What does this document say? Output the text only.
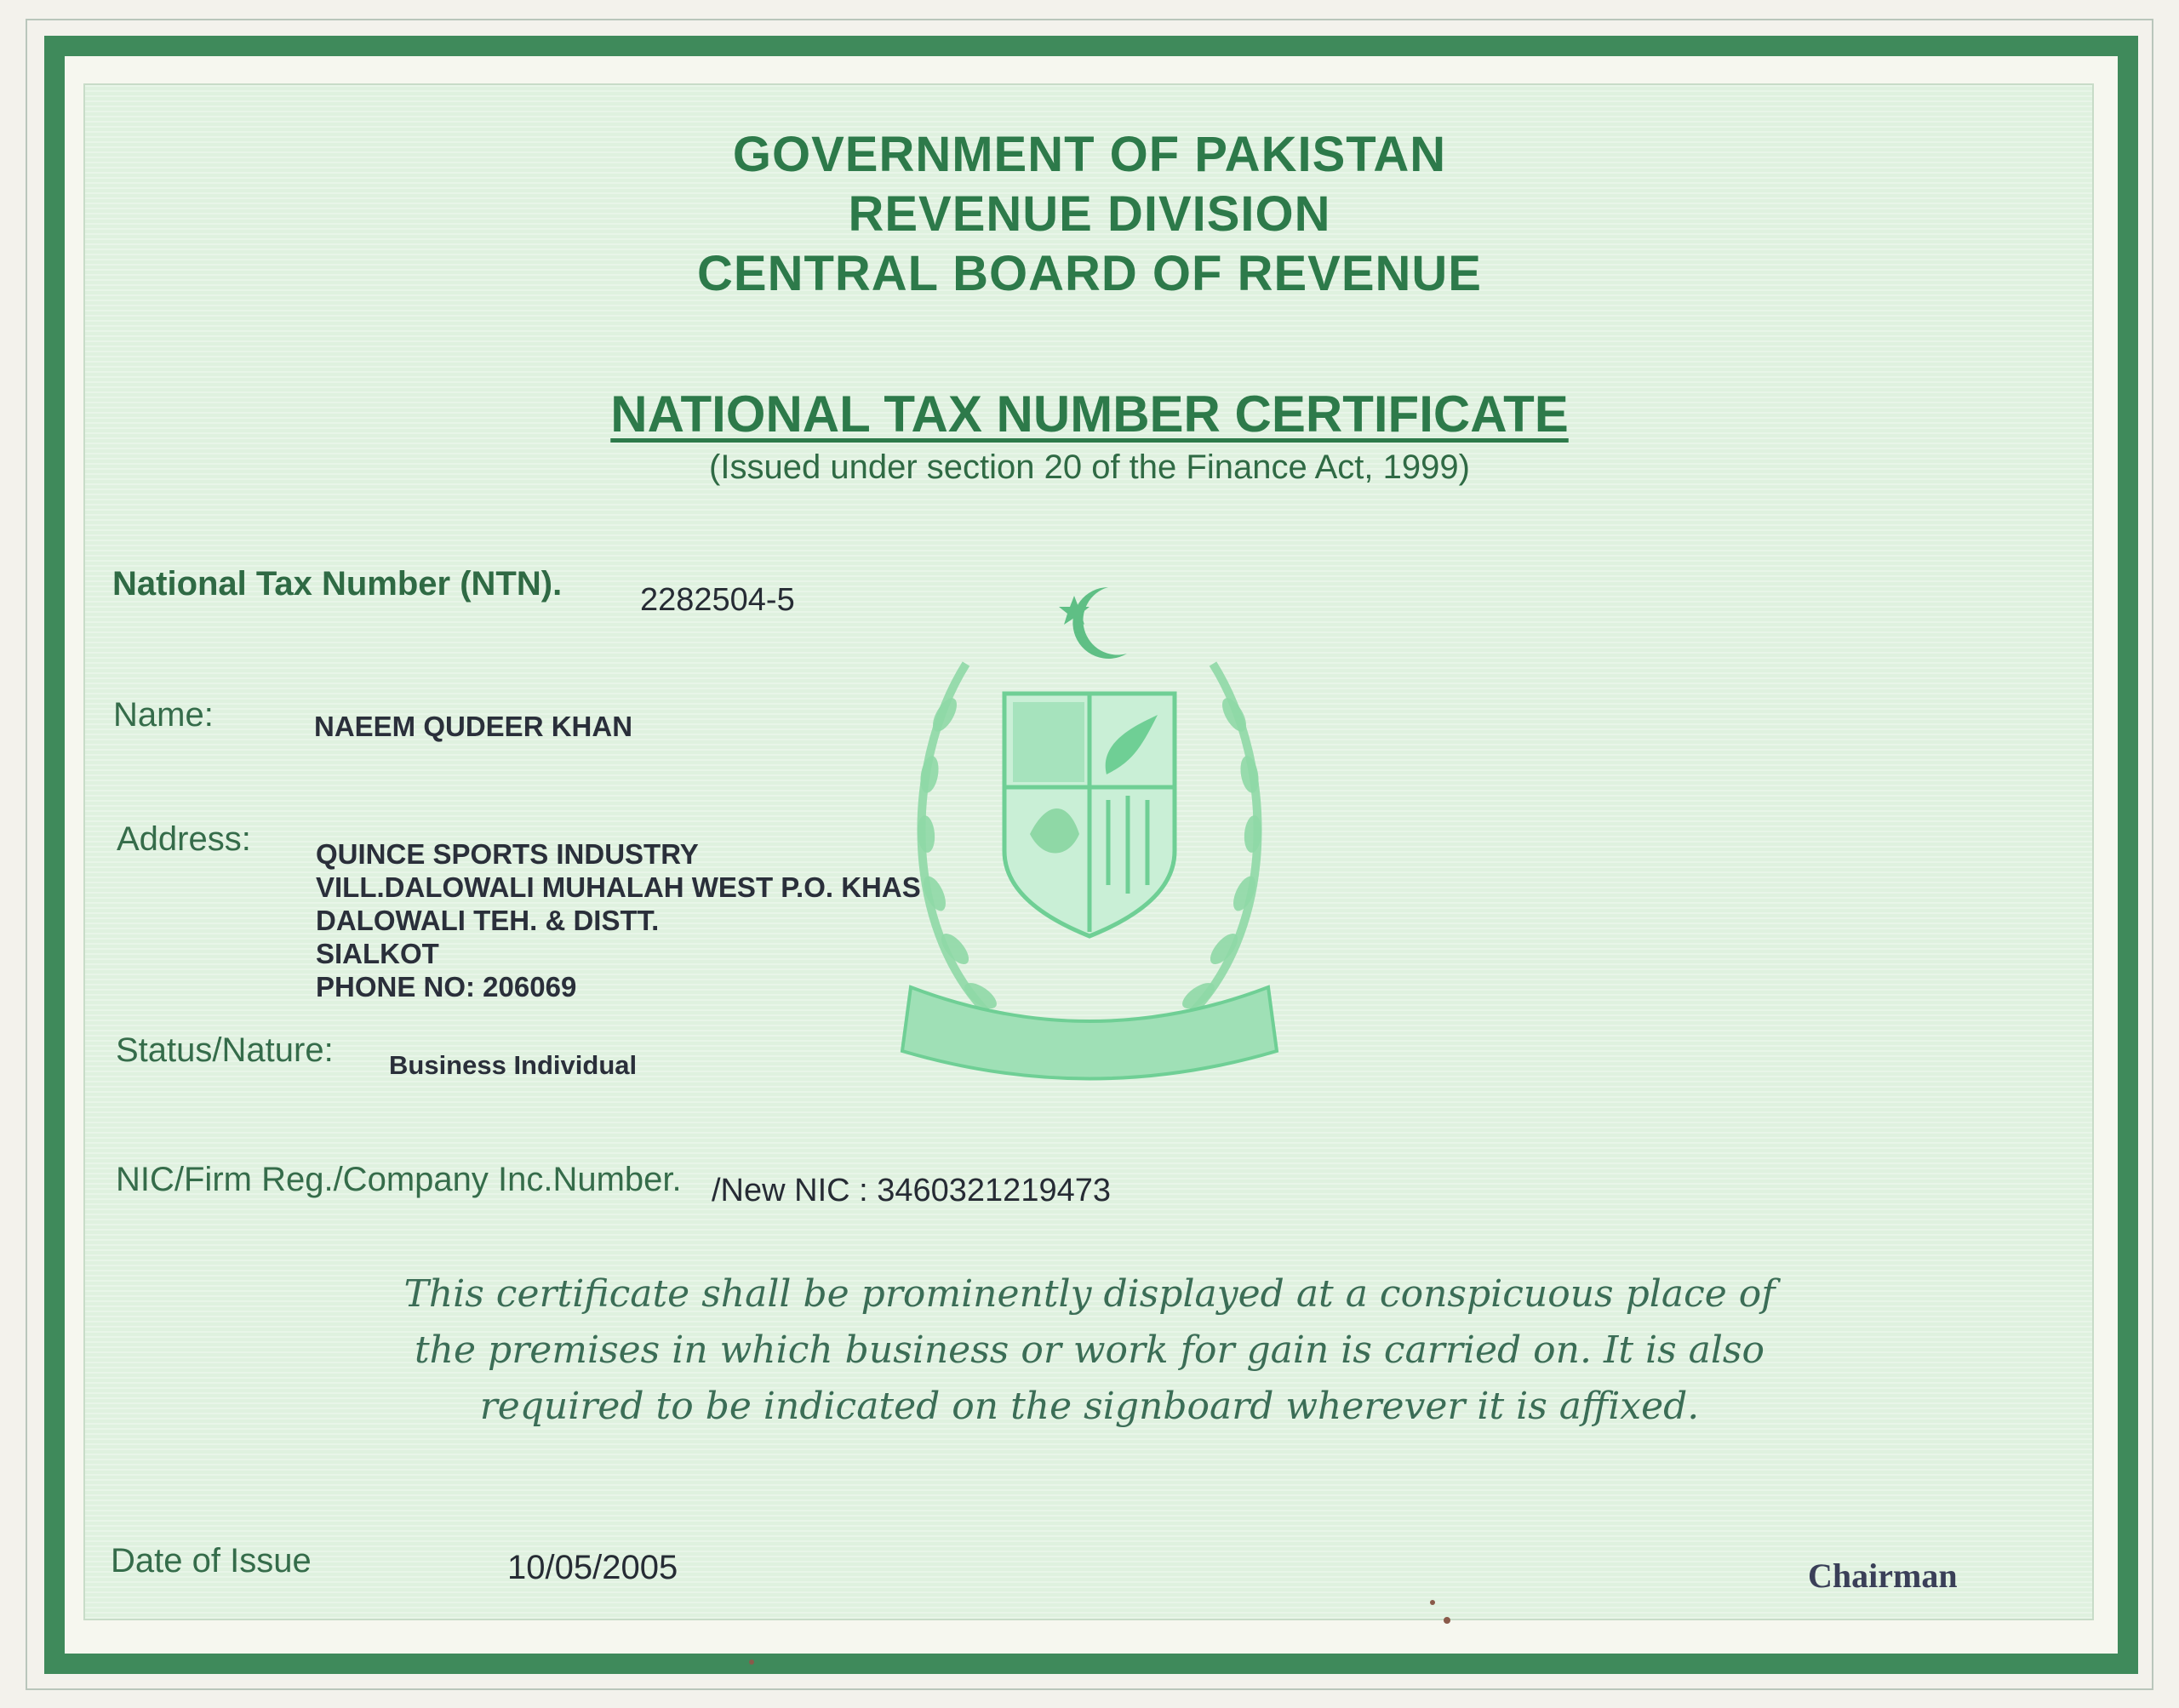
GOVERNMENT OF PAKISTAN
REVENUE DIVISION
CENTRAL BOARD OF REVENUE
NATIONAL TAX NUMBER CERTIFICATE
(Issued under section 20 of the Finance Act, 1999)
National Tax Number (NTN). 2282504-5
Name:	NAEEM QUDEER KHAN
Address: QUINCE SPORTS INDUSTRY
VILL.DALOWALI MUHALAH WEST P.O. KHAS
DALOWALI TEH. & DISTT.
SIALKOT
PHONE NO: 206069
Status/Nature: Business Individual
NIC/Firm Reg./Company Inc.Number. /New NIC : 3460321219473
This certificate shall be prominently displayed at a conspicuous place of
the premises in which business or work for gain is carried on. It is also
required to be indicated on the signboard wherever it is affixed.
Date of Issue	10/05/2005	Chairman
